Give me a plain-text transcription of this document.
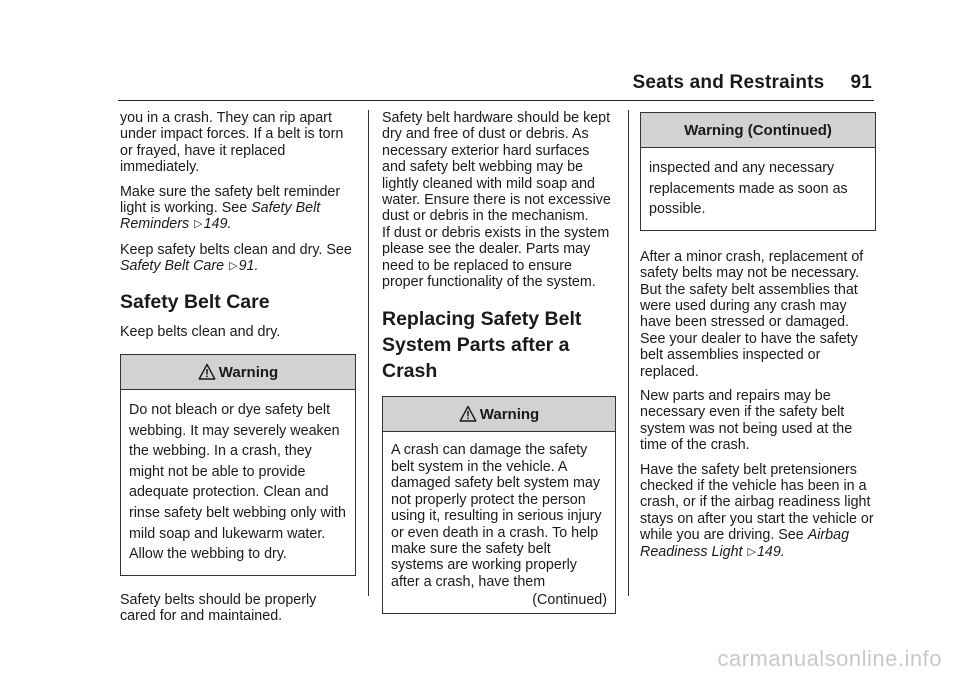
Seats and Restraints 91

you in a crash. They can rip apart under impact forces. If a belt is torn or frayed, have it replaced immediately.

Make sure the safety belt reminder light is working. See Safety Belt Reminders ▷149.

Keep safety belts clean and dry. See Safety Belt Care ▷91.

Safety Belt Care

Keep belts clean and dry.

Warning
Do not bleach or dye safety belt webbing. It may severely weaken the webbing. In a crash, they might not be able to provide adequate protection. Clean and rinse safety belt webbing only with mild soap and lukewarm water. Allow the webbing to dry.

Safety belts should be properly cared for and maintained.

Safety belt hardware should be kept dry and free of dust or debris. As necessary exterior hard surfaces and safety belt webbing may be lightly cleaned with mild soap and water. Ensure there is not excessive dust or debris in the mechanism.

If dust or debris exists in the system please see the dealer. Parts may need to be replaced to ensure proper functionality of the system.

Replacing Safety Belt System Parts after a Crash
Warning
A crash can damage the safety belt system in the vehicle. A damaged safety belt system may not properly protect the person using it, resulting in serious injury or even death in a crash. To help make sure the safety belt systems are working properly after a crash, have them
(Continued)
Warning (Continued)
inspected and any necessary replacements made as soon as possible.

After a minor crash, replacement of safety belts may not be necessary. But the safety belt assemblies that were used during any crash may have been stressed or damaged. See your dealer to have the safety belt assemblies inspected or replaced.

New parts and repairs may be necessary even if the safety belt system was not being used at the time of the crash.

Have the safety belt pretensioners checked if the vehicle has been in a crash, or if the airbag readiness light stays on after you start the vehicle or while you are driving. See Airbag Readiness Light ▷149.

carmanualsonline.info
